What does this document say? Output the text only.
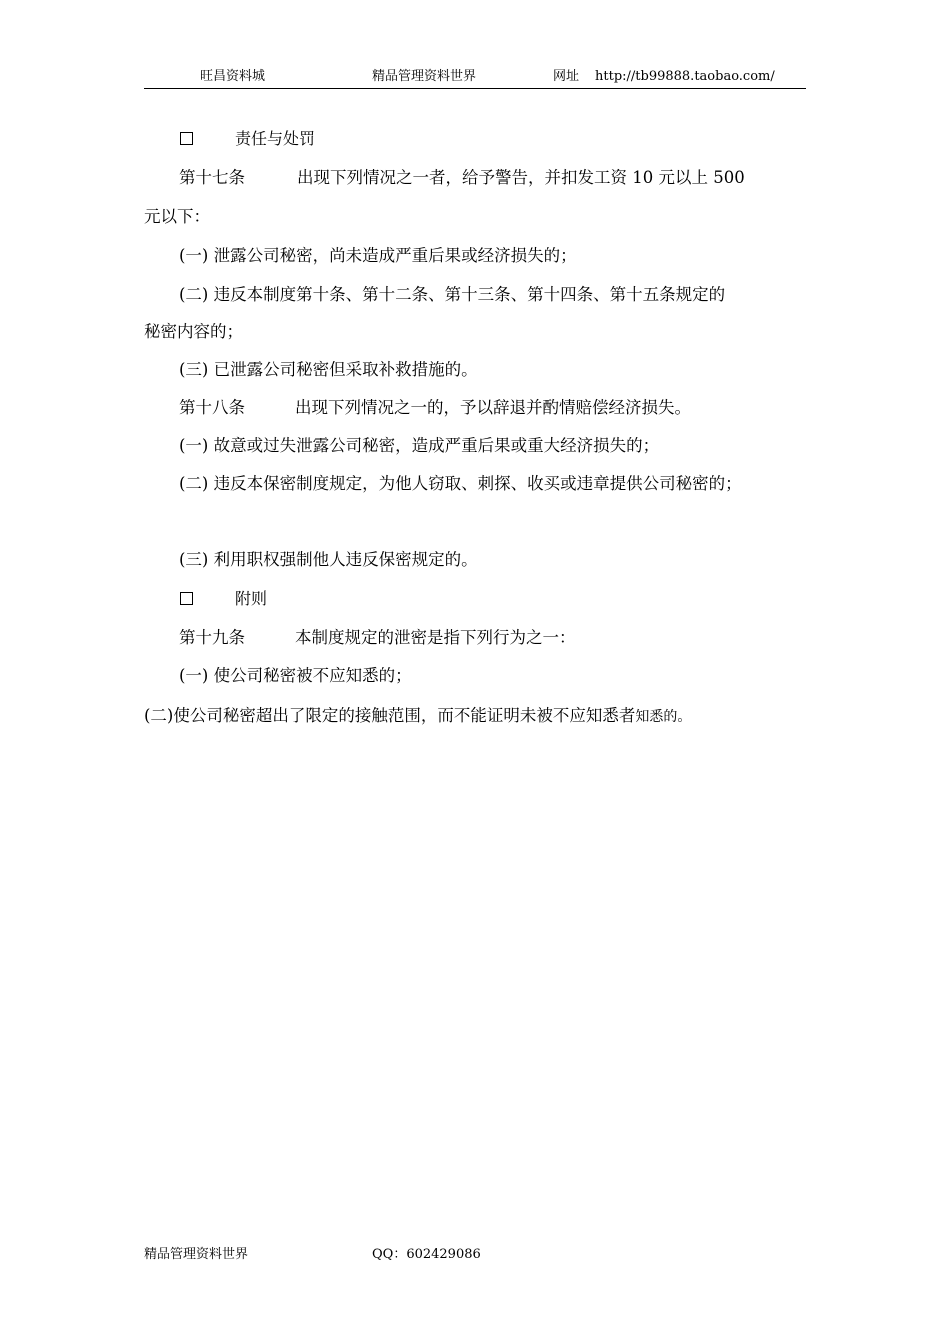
旺昌资料城	精品管理资料世界	网址 http://tb99888.taobao.com/
责任与处罚
第十七条	出现下列情况之一者，给予警告，并扣发工资 10 元以上 500
元以下：
(一) 泄露公司秘密，尚未造成严重后果或经济损失的；
(二) 违反本制度第十条、第十二条、第十三条、第十四条、第十五条规定的
秘密内容的；
(三) 已泄露公司秘密但采取补救措施的。
第十八条	出现下列情况之一的，予以辞退并酌情赔偿经济损失。
(一) 故意或过失泄露公司秘密，造成严重后果或重大经济损失的；
(二) 违反本保密制度规定，为他人窃取、刺探、收买或违章提供公司秘密的；
(三) 利用职权强制他人违反保密规定的。
附则
第十九条	本制度规定的泄密是指下列行为之一：
(一) 使公司秘密被不应知悉的；
(二)使公司秘密超出了限定的接触范围，而不能证明未被不应知悉者知悉的。
精品管理资料世界	QQ：602429086
